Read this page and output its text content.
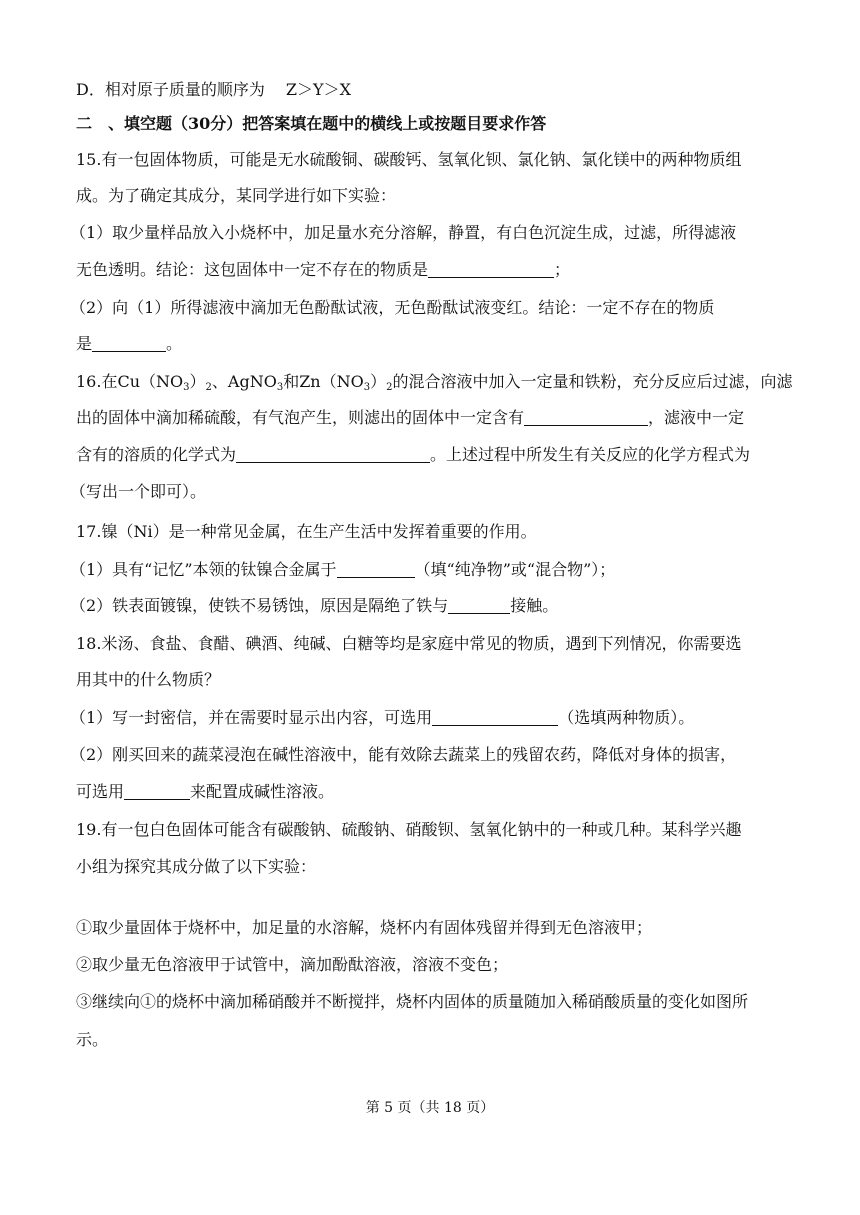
D．相对原子质量的顺序为　 Z＞Y＞X
二　、填空题（30分）把答案填在题中的横线上或按题目要求作答
15.有一包固体物质，可能是无水硫酸铜、碳酸钙、氢氧化钡、氯化钠、氯化镁中的两种物质组
成。为了确定其成分，某同学进行如下实验：
（1）取少量样品放入小烧杯中，加足量水充分溶解，静置，有白色沉淀生成，过滤，所得滤液
无色透明。结论：这包固体中一定不存在的物质是	；
（2）向（1）所得滤液中滴加无色酚酞试液，无色酚酞试液变红。结论：一定不存在的物质
是	。
16.在$Cu(NO_3)_2$、AgNO$_3$和$Zn(NO_3)_2$的混合溶液中加入一定量和铁粉，充分反应后过滤，向滤
出的固体中滴加稀硫酸，有气泡产生，则滤出的固体中一定含有	，滤液中一定
含有的溶质的化学式为	。上述过程中所发生有关反应的化学方程式为
（写出一个即可）。
17.镍（Ni）是一种常见金属，在生产生活中发挥着重要的作用。
（1）具有“记忆”本领的钛镍合金属于	（填“纯净物”或“混合物”）；
（2）铁表面镀镍，使铁不易锈蚀，原因是隔绝了铁与	接触。
18.米汤、食盐、食醋、碘酒、纯碱、白糖等均是家庭中常见的物质，遇到下列情况，你需要选
用其中的什么物质？
（1）写一封密信，并在需要时显示出内容，可选用	（选填两种物质）。
（2）刚买回来的蔬菜浸泡在碱性溶液中，能有效除去蔬菜上的残留农药，降低对身体的损害，
可选用	来配置成碱性溶液。
19.有一包白色固体可能含有碳酸钠、硫酸钠、硝酸钡、氢氧化钠中的一种或几种。某科学兴趣
小组为探究其成分做了以下实验：
①取少量固体于烧杯中，加足量的水溶解，烧杯内有固体残留并得到无色溶液甲；
②取少量无色溶液甲于试管中，滴加酚酞溶液，溶液不变色；
③继续向①的烧杯中滴加稀硝酸并不断搅拌，烧杯内固体的质量随加入稀硝酸质量的变化如图所
示。
第 5 页（共 18 页）
